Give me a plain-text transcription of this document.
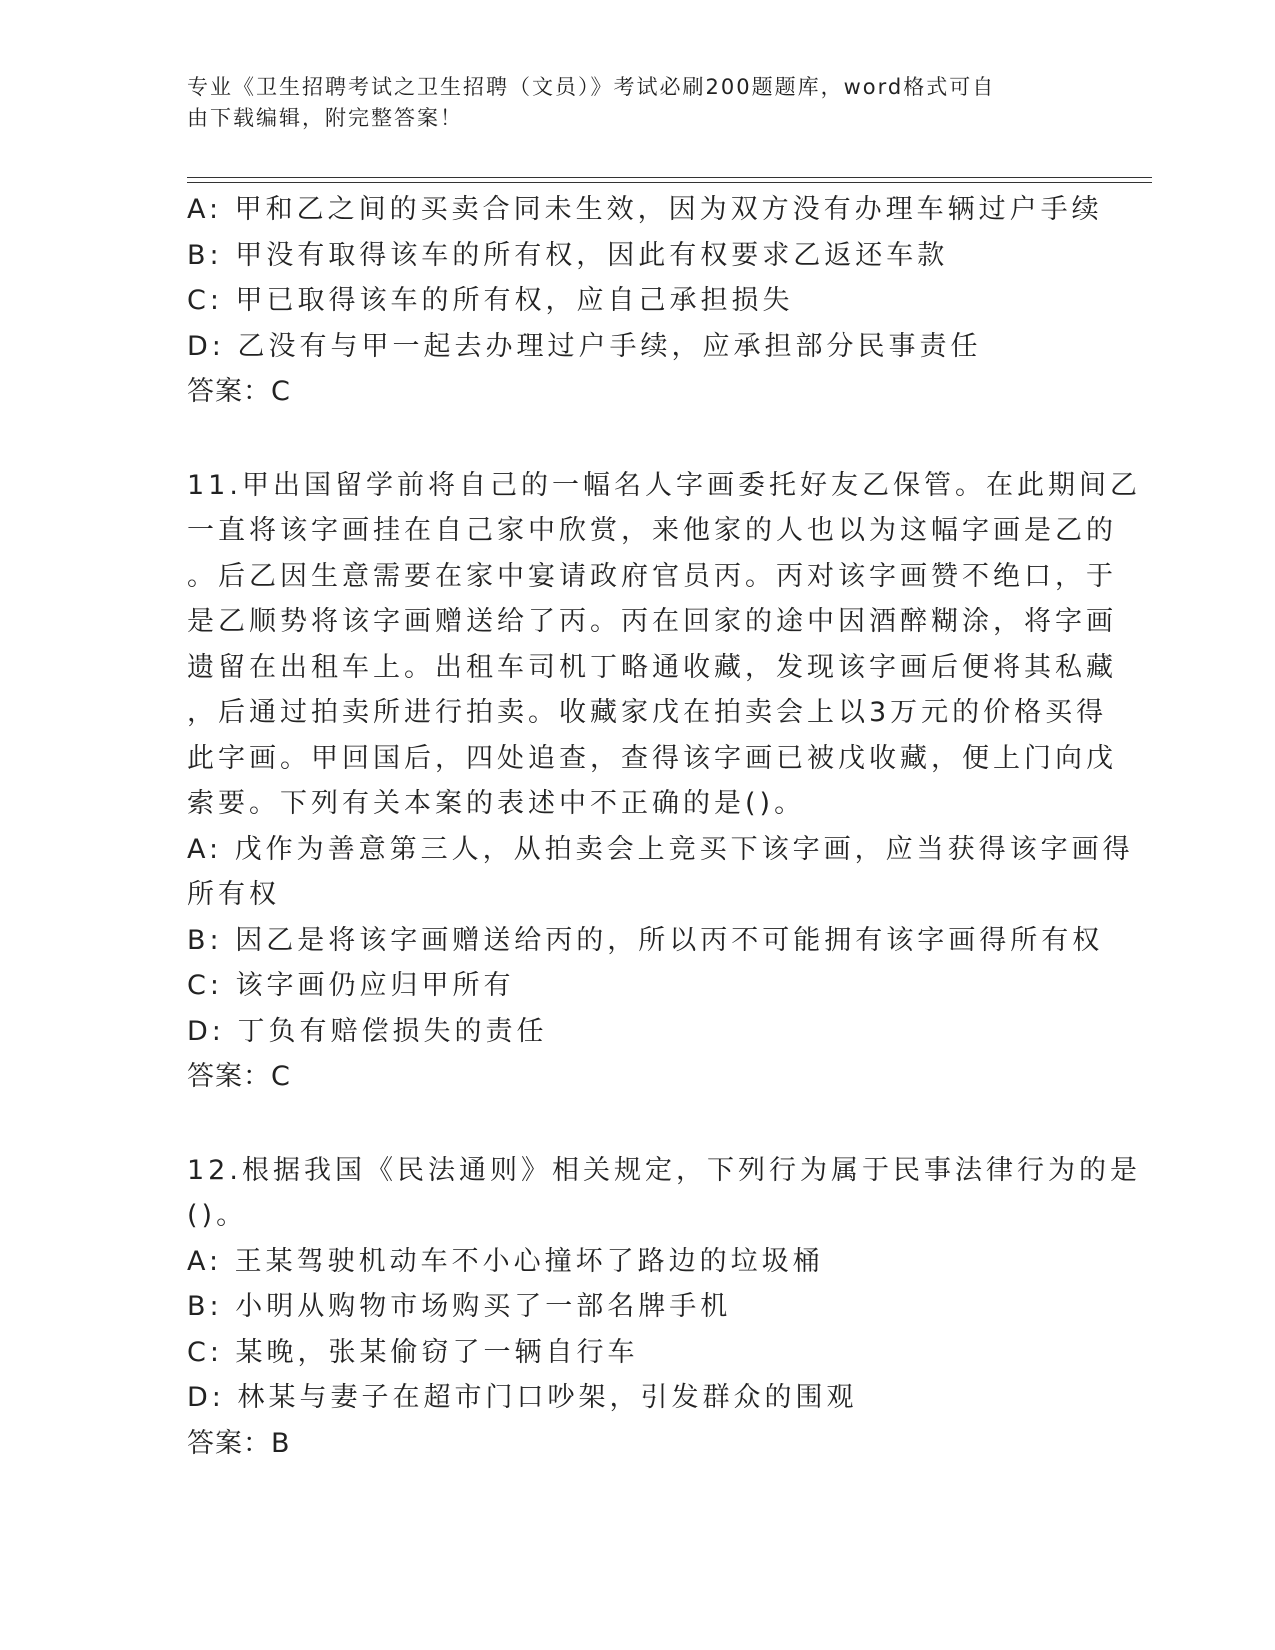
专业《卫生招聘考试之卫生招聘（文员）》考试必刷200题题库，word格式可自
由下载编辑，附完整答案！
A: 甲和乙之间的买卖合同未生效，因为双方没有办理车辆过户手续
B: 甲没有取得该车的所有权，因此有权要求乙返还车款
C: 甲已取得该车的所有权，应自己承担损失
D: 乙没有与甲一起去办理过户手续，应承担部分民事责任
答案：C
11.甲出国留学前将自己的一幅名人字画委托好友乙保管。在此期间乙
一直将该字画挂在自己家中欣赏，来他家的人也以为这幅字画是乙的
。后乙因生意需要在家中宴请政府官员丙。丙对该字画赞不绝口，于
是乙顺势将该字画赠送给了丙。丙在回家的途中因酒醉糊涂，将字画
遗留在出租车上。出租车司机丁略通收藏，发现该字画后便将其私藏
，后通过拍卖所进行拍卖。收藏家戊在拍卖会上以3万元的价格买得
此字画。甲回国后，四处追查，查得该字画已被戊收藏，便上门向戊
索要。下列有关本案的表述中不正确的是()。
A: 戊作为善意第三人，从拍卖会上竞买下该字画，应当获得该字画得
所有权
B: 因乙是将该字画赠送给丙的，所以丙不可能拥有该字画得所有权
C: 该字画仍应归甲所有
D: 丁负有赔偿损失的责任
答案：C
12.根据我国《民法通则》相关规定，下列行为属于民事法律行为的是
()。
A: 王某驾驶机动车不小心撞坏了路边的垃圾桶
B: 小明从购物市场购买了一部名牌手机
C: 某晚，张某偷窃了一辆自行车
D: 林某与妻子在超市门口吵架，引发群众的围观
答案：B
